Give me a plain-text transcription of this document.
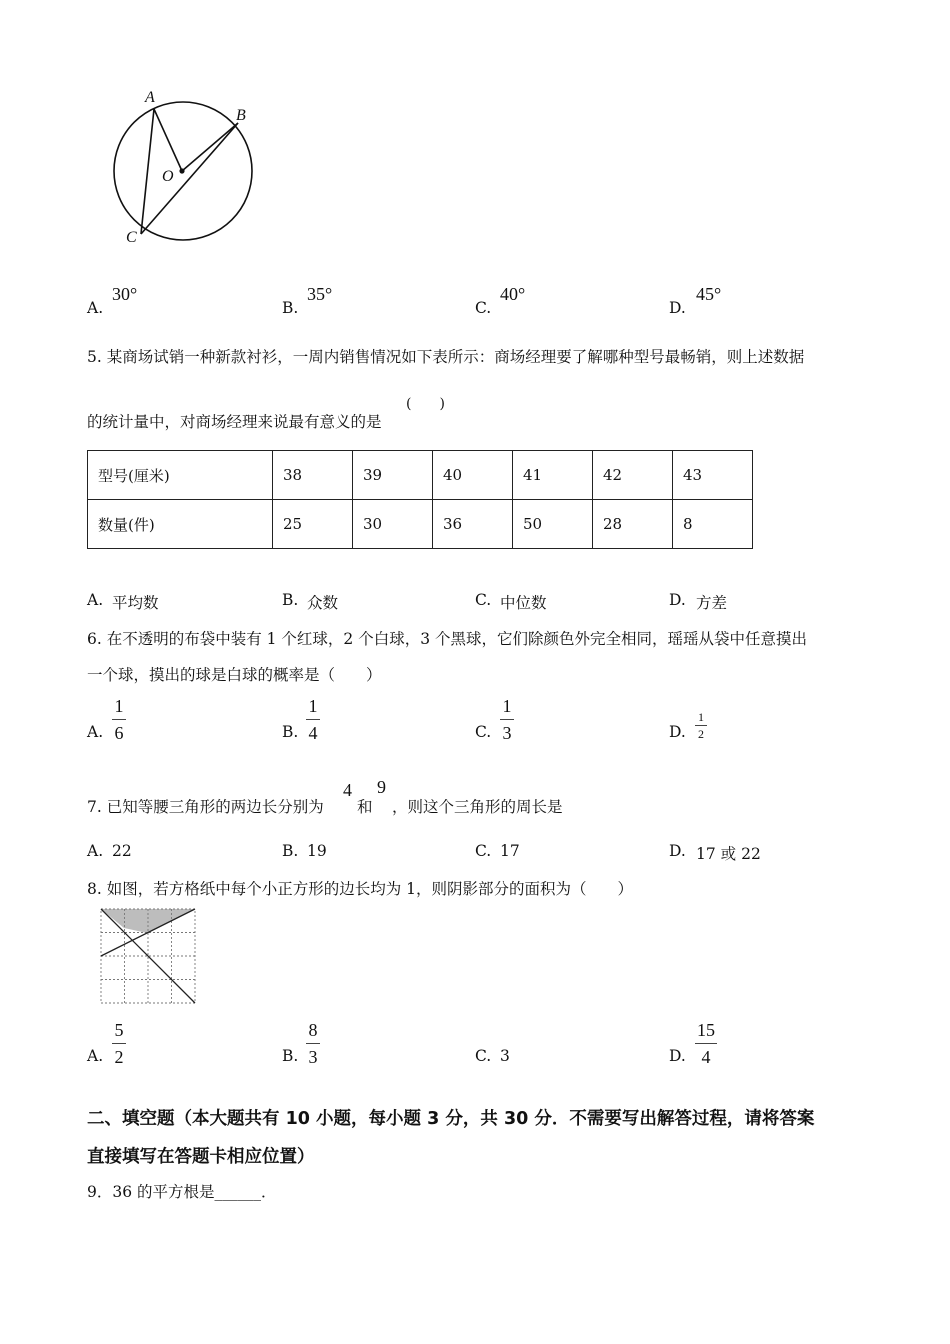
A
B
O
C
A.
30°
B.
35°
C.
40°
D.
45°
5. 某商场试销一种新款衬衫，一周内销售情况如下表所示：商场经理要了解哪种型号最畅销，则上述数据
的统计量中，对商场经理来说最有意义的是
(　　)
型号(厘米)	38	39	40	41	42	43
数量(件)	25	30	36	50	28	8
A. 平均数	B. 众数	C. 中位数	D. 方差
6. 在不透明的布袋中装有 1 个红球，2 个白球，3 个黑球，它们除颜色外完全相同，瑶瑶从袋中任意摸出
一个球，摸出的球是白球的概率是（　　）
A.
1
6	B.
1
4	C.
1
3	D.
1
2
7. 已知等腰三角形的两边长分别为
4
和
9
，则这个三角形的周长是
A. 22	B. 19	C. 17	D. 17 或 22
8. 如图，若方格纸中每个小正方形的边长均为 1，则阴影部分的面积为（　　）
A.
5
2	B.
8
3	C. 3	D.
15
4
二、填空题（本大题共有 10 小题，每小题 3 分，共 30 分．不需要写出解答过程，请将答案
直接填写在答题卡相应位置）
9．36 的平方根是______．
